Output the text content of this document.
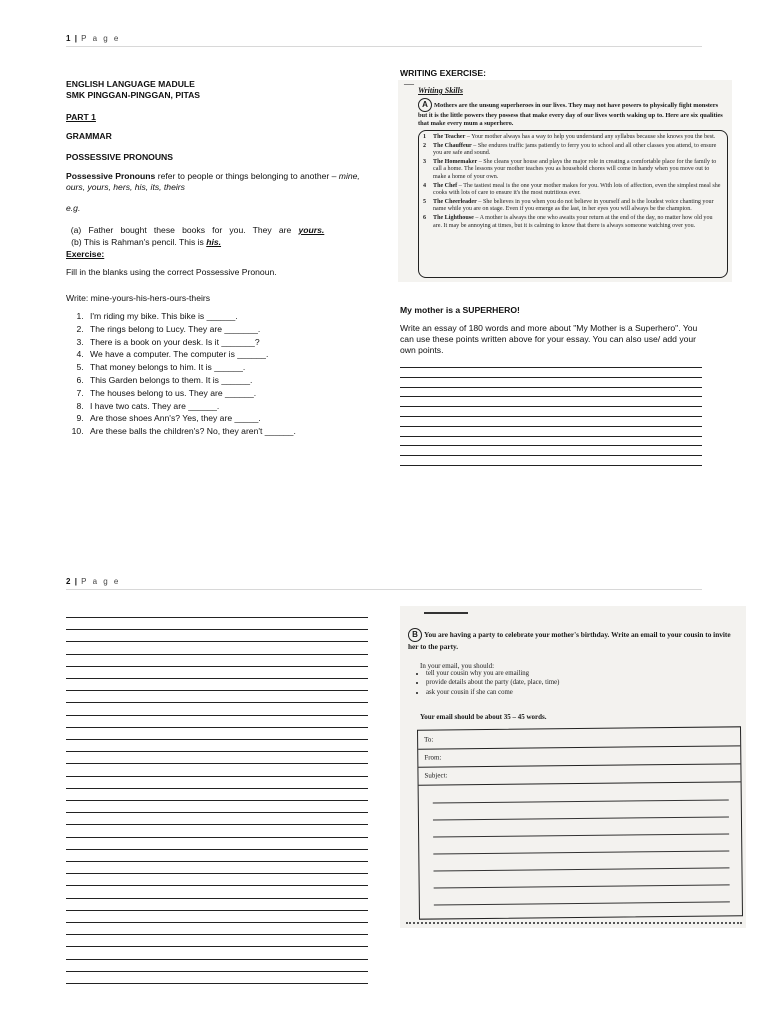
1 | P a g e
ENGLISH LANGUAGE MADULE
SMK PINGGAN-PINGGAN, PITAS
PART 1
GRAMMAR
POSSESSIVE PRONOUNS
Possessive Pronouns refer to people or things belonging to another – mine, ours, yours, hers, his, its, theirs
e.g.

(a)   Father   bought   these   books   for   you.   They   are   yours.

(b) This is Rahman's pencil. This is his.

Exercise:
Fill in the blanks using the correct Possessive Pronoun.
Write: mine-yours-his-hers-ours-theirs
1. I'm riding my bike. This bike is ______.
2. The rings belong to Lucy. They are _______.
3. There is a book on your desk. Is it _______?
4. We have a computer. The computer is ______.
5. That money belongs to him. It is ______.
6. This Garden belongs to them. It is ______.
7. The houses belong to us. They are ______.
8. I have two cats. They are ______.
9. Are those shoes Ann's? Yes, they are _____.
10. Are these balls the children's? No, they aren't ______.
WRITING EXERCISE:
—
Writing Skills
A Mothers are the unsung superheroes in our lives. They may not have powers to physically fight monsters but it is the little powers they possess that make every day of our lives worth waking up to. Here are six qualities that make every mum a superhero.
1	The Teacher – Your mother always has a way to help you understand any syllabus because she knows you the best.
2	The Chauffeur – She endures traffic jams patiently to ferry you to school and all other classes you attend, to ensure you are safe and sound.
3	The Homemaker – She cleans your house and plays the major role in creating a comfortable place for the family to call a home. The lessons your mother teaches you as household chores will come in handy when you move out to make a home of your own.
4	The Chef – The tastiest meal is the one your mother makes for you. With lots of affection, even the simplest meal she cooks with lots of care to ensure it's the most nutritious ever.
5	The Cheerleader – She believes in you when you do not believe in yourself and is the loudest voice chanting your name while you are on stage. Even if you emerge as the last, in her eyes you will always be the champion.
6	The Lighthouse – A mother is always the one who awaits your return at the end of the day, no matter how old you are. It may be annoying at times, but it is calming to know that there is always someone watching over you.
My mother is a SUPERHERO!
Write an essay of 180 words and more about "My Mother is a Superhero". You can use these points written above for your essay. You can also use/ add your own points.
2 | P a g e
B You are having a party to celebrate your mother's birthday. Write an email to your cousin to invite her to the party.
In your email, you should:
• tell your cousin why you are emailing
• provide details about the party (date, place, time)
• ask your cousin if she can come
Your email should be about 35 – 45 words.
To:
From:
Subject:
